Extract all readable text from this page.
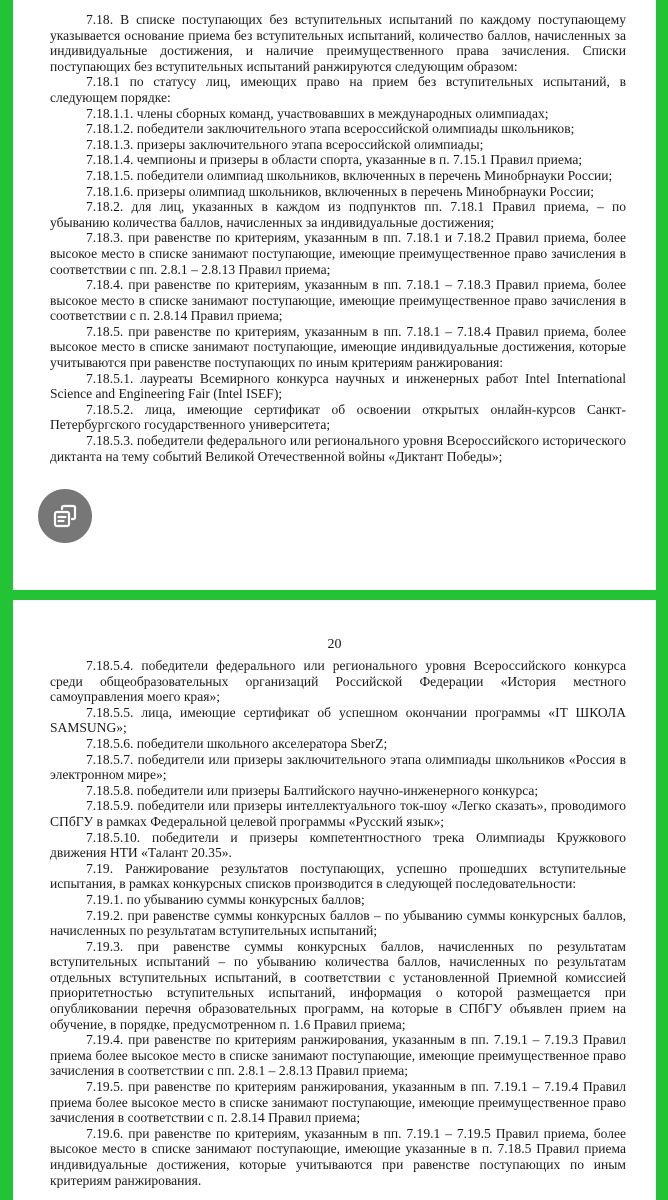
7.18. В списке поступающих без вступительных испытаний по каждому поступающему указывается основание приема без вступительных испытаний, количество баллов, начисленных за индивидуальные достижения, и наличие преимущественного права зачисления. Списки поступающих без вступительных испытаний ранжируются следующим образом:

7.18.1 по статусу лиц, имеющих право на прием без вступительных испытаний, в следующем порядке:

7.18.1.1. члены сборных команд, участвовавших в международных олимпиадах;

7.18.1.2. победители заключительного этапа всероссийской олимпиады школьников;

7.18.1.3. призеры заключительного этапа всероссийской олимпиады;

7.18.1.4. чемпионы и призеры в области спорта, указанные в п. 7.15.1 Правил приема;

7.18.1.5. победители олимпиад школьников, включенных в перечень Минобрнауки России;

7.18.1.6. призеры олимпиад школьников, включенных в перечень Минобрнауки России;

7.18.2. для лиц, указанных в каждом из подпунктов пп. 7.18.1 Правил приема, – по убыванию количества баллов, начисленных за индивидуальные достижения;

7.18.3. при равенстве по критериям, указанным в пп. 7.18.1 и 7.18.2 Правил приема, более высокое место в списке занимают поступающие, имеющие преимущественное право зачисления в соответствии с пп. 2.8.1 – 2.8.13 Правил приема;

7.18.4. при равенстве по критериям, указанным в пп. 7.18.1 – 7.18.3 Правил приема, более высокое место в списке занимают поступающие, имеющие преимущественное право зачисления в соответствии с п. 2.8.14 Правил приема;

7.18.5. при равенстве по критериям, указанным в пп. 7.18.1 – 7.18.4 Правил приема, более высокое место в списке занимают поступающие, имеющие индивидуальные достижения, которые учитываются при равенстве поступающих по иным критериям ранжирования:

7.18.5.1. лауреаты Всемирного конкурса научных и инженерных работ Intel International Science and Engineering Fair (Intel ISEF);

7.18.5.2. лица, имеющие сертификат об освоении открытых онлайн-курсов Санкт-Петербургского государственного университета;

7.18.5.3. победители федерального или регионального уровня Всероссийского исторического диктанта на тему событий Великой Отечественной войны «Диктант Победы»;

20

7.18.5.4. победители федерального или регионального уровня Всероссийского конкурса среди общеобразовательных организаций Российской Федерации «История местного самоуправления моего края»;

7.18.5.5. лица, имеющие сертификат об успешном окончании программы «IT ШКОЛА SAMSUNG»;

7.18.5.6. победители школьного акселератора SberZ;

7.18.5.7. победители или призеры заключительного этапа олимпиады школьников «Россия в электронном мире»;

7.18.5.8. победители или призеры Балтийского научно-инженерного конкурса;

7.18.5.9. победители или призеры интеллектуального ток-шоу «Легко сказать», проводимого СПбГУ в рамках Федеральной целевой программы «Русский язык»;

7.18.5.10. победители и призеры компетентностного трека Олимпиады Кружкового движения НТИ «Талант 20.35».

7.19. Ранжирование результатов поступающих, успешно прошедших вступительные испытания, в рамках конкурсных списков производится в следующей последовательности:

7.19.1. по убыванию суммы конкурсных баллов;

7.19.2. при равенстве суммы конкурсных баллов – по убыванию суммы конкурсных баллов, начисленных по результатам вступительных испытаний;

7.19.3. при равенстве суммы конкурсных баллов, начисленных по результатам вступительных испытаний – по убыванию количества баллов, начисленных по результатам отдельных вступительных испытаний, в соответствии с установленной Приемной комиссией приоритетностью вступительных испытаний, информация о которой размещается при опубликовании перечня образовательных программ, на которые в СПбГУ объявлен прием на обучение, в порядке, предусмотренном п. 1.6 Правил приема;

7.19.4. при равенстве по критериям ранжирования, указанным в пп. 7.19.1 – 7.19.3 Правил приема более высокое место в списке занимают поступающие, имеющие преимущественное право зачисления в соответствии с пп. 2.8.1 – 2.8.13 Правил приема;

7.19.5. при равенстве по критериям ранжирования, указанным в пп. 7.19.1 – 7.19.4 Правил приема более высокое место в списке занимают поступающие, имеющие преимущественное право зачисления в соответствии с п. 2.8.14 Правил приема;

7.19.6. при равенстве по критериям, указанным в пп. 7.19.1 – 7.19.5 Правил приема, более высокое место в списке занимают поступающие, имеющие указанные в п. 7.18.5 Правил приема индивидуальные достижения, которые учитываются при равенстве поступающих по иным критериям ранжирования.
